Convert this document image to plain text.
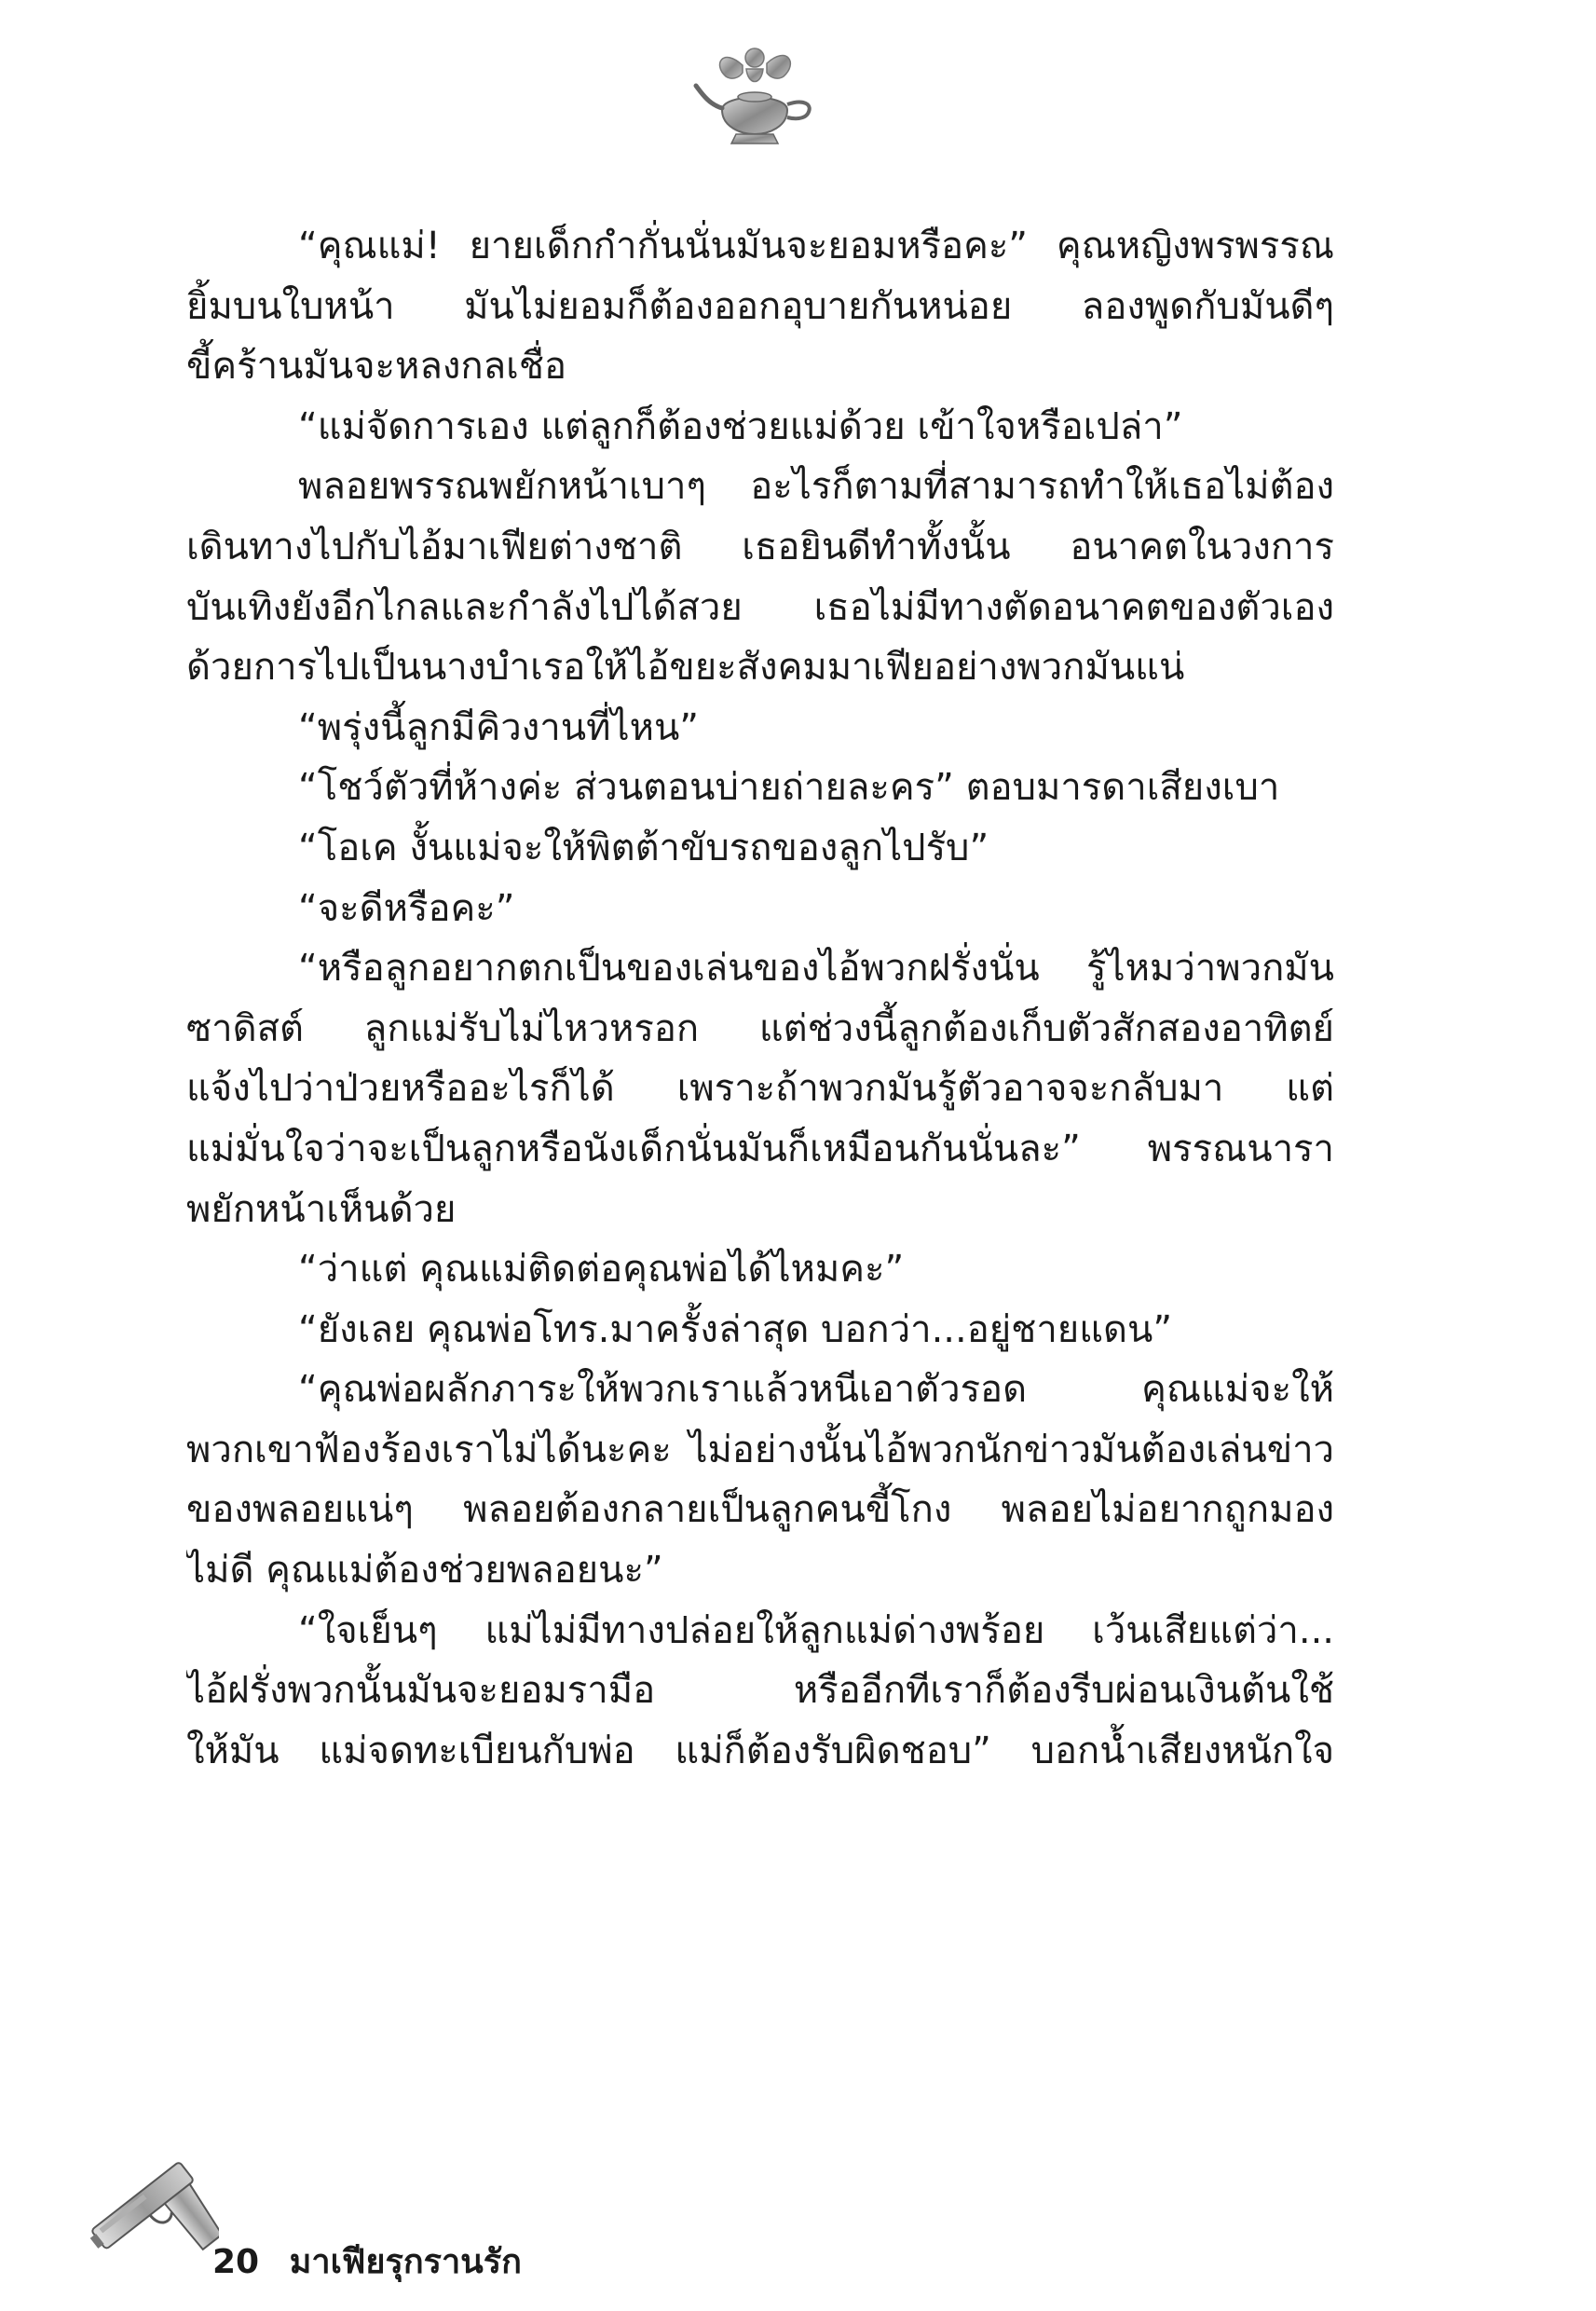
“คุณแม่! ยายเด็กกำกั่นนั่นมันจะยอมหรือคะ” คุณหญิงพรพรรณ
ยิ้มบนใบหน้า มันไม่ยอมก็ต้องออกอุบายกันหน่อย ลองพูดกับมันดีๆ
ขี้คร้านมันจะหลงกลเชื่อ
“แม่จัดการเอง แต่ลูกก็ต้องช่วยแม่ด้วย เข้าใจหรือเปล่า”
พลอยพรรณพยักหน้าเบาๆ อะไรก็ตามที่สามารถทำให้เธอไม่ต้อง
เดินทางไปกับไอ้มาเฟียต่างชาติ เธอยินดีทำทั้งนั้น อนาคตในวงการ
บันเทิงยังอีกไกลและกำลังไปได้สวย เธอไม่มีทางตัดอนาคตของตัวเอง
ด้วยการไปเป็นนางบำเรอให้ไอ้ขยะสังคมมาเฟียอย่างพวกมันแน่
“พรุ่งนี้ลูกมีคิวงานที่ไหน”
“โชว์ตัวที่ห้างค่ะ ส่วนตอนบ่ายถ่ายละคร” ตอบมารดาเสียงเบา
“โอเค งั้นแม่จะให้พิตต้าขับรถของลูกไปรับ”
“จะดีหรือคะ”
“หรือลูกอยากตกเป็นของเล่นของไอ้พวกฝรั่งนั่น รู้ไหมว่าพวกมัน
ซาดิสต์ ลูกแม่รับไม่ไหวหรอก แต่ช่วงนี้ลูกต้องเก็บตัวสักสองอาทิตย์
แจ้งไปว่าป่วยหรืออะไรก็ได้ เพราะถ้าพวกมันรู้ตัวอาจจะกลับมา แต่
แม่มั่นใจว่าจะเป็นลูกหรือนังเด็กนั่นมันก็เหมือนกันนั่นละ” พรรณนารา
พยักหน้าเห็นด้วย
“ว่าแต่ คุณแม่ติดต่อคุณพ่อได้ไหมคะ”
“ยังเลย คุณพ่อโทร.มาครั้งล่าสุด บอกว่า...อยู่ชายแดน”
“คุณพ่อผลักภาระให้พวกเราแล้วหนีเอาตัวรอด คุณแม่จะให้
พวกเขาฟ้องร้องเราไม่ได้นะคะ ไม่อย่างนั้นไอ้พวกนักข่าวมันต้องเล่นข่าว
ของพลอยแน่ๆ พลอยต้องกลายเป็นลูกคนขี้โกง พลอยไม่อยากถูกมอง
ไม่ดี คุณแม่ต้องช่วยพลอยนะ”
“ใจเย็นๆ แม่ไม่มีทางปล่อยให้ลูกแม่ด่างพร้อย เว้นเสียแต่ว่า...
ไอ้ฝรั่งพวกนั้นมันจะยอมรามือ หรืออีกทีเราก็ต้องรีบผ่อนเงินต้นใช้
ให้มัน แม่จดทะเบียนกับพ่อ แม่ก็ต้องรับผิดชอบ” บอกน้ำเสียงหนักใจ
20 มาเฟียรุกรานรัก
